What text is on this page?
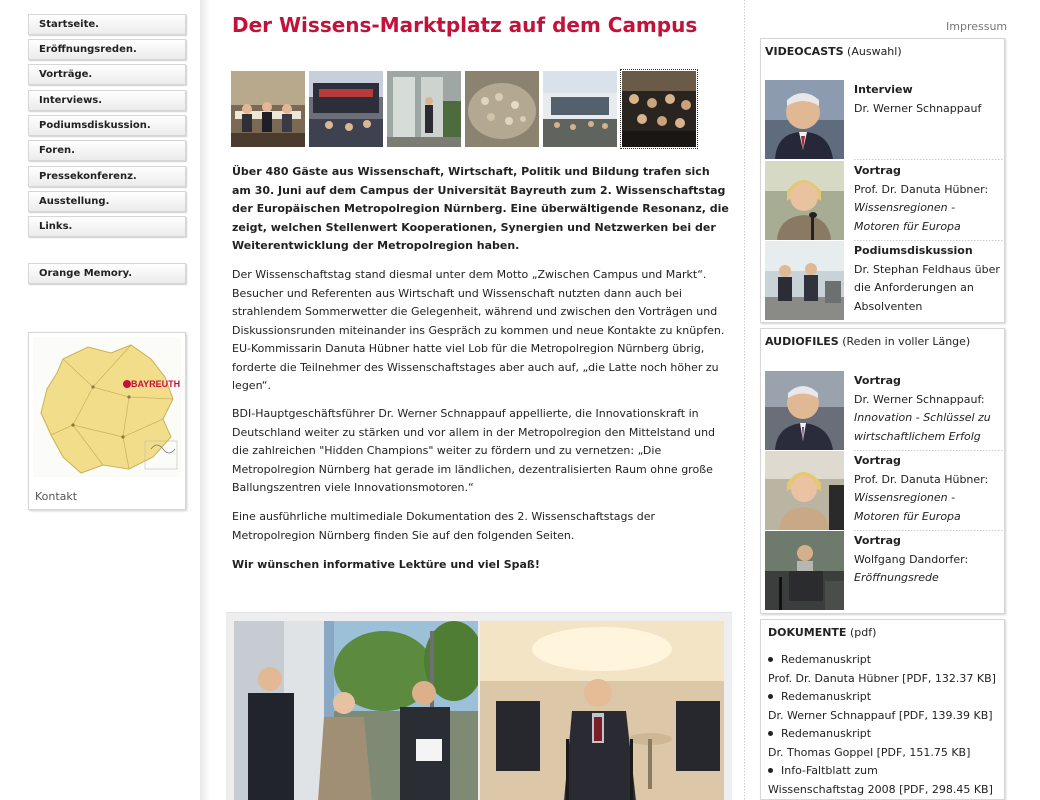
Startseite.
Eröffnungsreden.
Vorträge.
Interviews.
Podiumsdiskussion.
Foren.
Pressekonferenz.
Ausstellung.
Links.
Orange Memory.
BAYREUTH
Kontakt
Der Wissens-Marktplatz auf dem Campus
Über 480 Gäste aus Wissenschaft, Wirtschaft, Politik und Bildung trafen sich am 30. Juni auf dem Campus der Universität Bayreuth zum 2. Wissenschaftstag der Europäischen Metropolregion Nürnberg. Eine überwältigende Resonanz, die zeigt, welchen Stellenwert Kooperationen, Synergien und Netzwerken bei der Weiterentwicklung der Metropolregion haben.
Der Wissenschaftstag stand diesmal unter dem Motto „Zwischen Campus und Markt“. Besucher und Referenten aus Wirtschaft und Wissenschaft nutzten dann auch bei strahlendem Sommerwetter die Gelegenheit, während und zwischen den Vorträgen und Diskussionsrunden miteinander ins Gespräch zu kommen und neue Kontakte zu knüpfen. EU-Kommissarin Danuta Hübner hatte viel Lob für die Metropolregion Nürnberg übrig, forderte die Teilnehmer des Wissenschaftstages aber auch auf, „die Latte noch höher zu legen“.
BDI-Hauptgeschäftsführer Dr. Werner Schnappauf appellierte, die Innovationskraft in Deutschland weiter zu stärken und vor allem in der Metropolregion den Mittelstand und die zahlreichen "Hidden Champions" weiter zu fördern und zu vernetzen: „Die Metropolregion Nürnberg hat gerade im ländlichen, dezentralisierten Raum ohne große Ballungszentren viele Innovationsmotoren.“
Eine ausführliche multimediale Dokumentation des 2. Wissenschaftstags der Metropolregion Nürnberg finden Sie auf den folgenden Seiten.
Wir wünschen informative Lektüre und viel Spaß!
Impressum
VIDEOCASTS (Auswahl)
Interview
Dr. Werner Schnappauf
Vortrag
Prof. Dr. Danuta Hübner:
Wissensregionen - Motoren für Europa
Podiumsdiskussion
Dr. Stephan Feldhaus über die Anforderungen an Absolventen
AUDIOFILES (Reden in voller Länge)
Vortrag
Dr. Werner Schnappauf:
Innovation - Schlüssel zu wirtschaftlichem Erfolg
Vortrag
Prof. Dr. Danuta Hübner:
Wissensregionen - Motoren für Europa
Vortrag
Wolfgang Dandorfer:
Eröffnungsrede
DOKUMENTE (pdf)
Redemanuskript
Prof. Dr. Danuta Hübner [PDF, 132.37 KB]
Redemanuskript
Dr. Werner Schnappauf [PDF, 139.39 KB]
Redemanuskript
Dr. Thomas Goppel [PDF, 151.75 KB]
Info-Faltblatt zum
Wissenschaftstag 2008 [PDF, 298.45 KB]
